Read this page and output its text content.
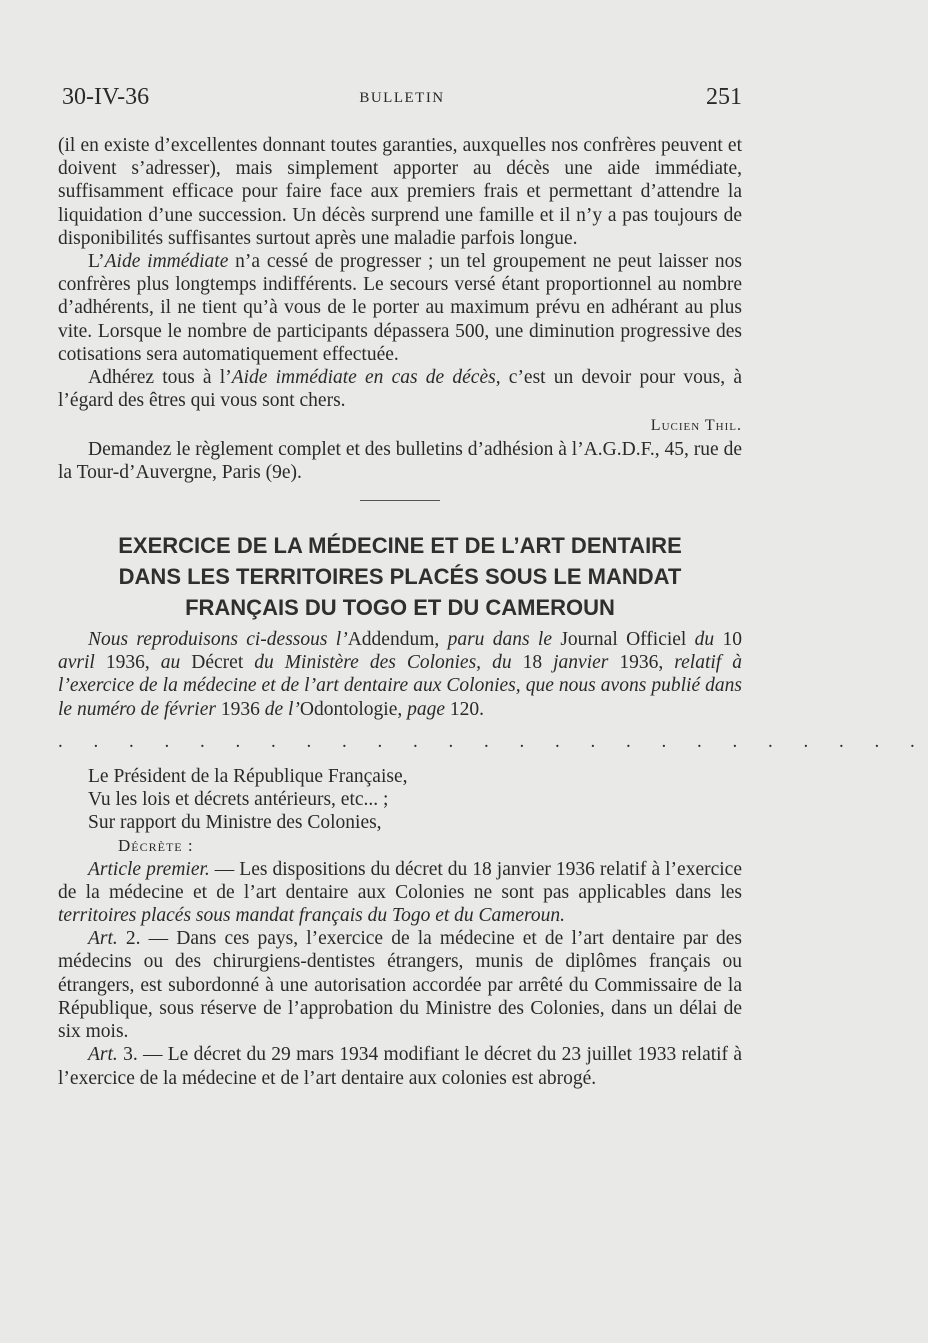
30-IV-36	BULLETIN	251

(il en existe d’excellentes donnant toutes garanties, auxquelles nos confrères peuvent et doivent s’adresser), mais simplement apporter au décès une aide immédiate, suffisamment efficace pour faire face aux premiers frais et permettant d’attendre la liquidation d’une succession. Un décès surprend une famille et il n’y a pas toujours de disponibilités suffisantes surtout après une maladie parfois longue.

L’Aide immédiate n’a cessé de progresser ; un tel groupement ne peut laisser nos confrères plus longtemps indifférents. Le secours versé étant proportionnel au nombre d’adhérents, il ne tient qu’à vous de le porter au maximum prévu en adhérant au plus vite. Lorsque le nombre de participants dépassera 500, une diminution progressive des cotisations sera automatiquement effectuée.

Adhérez tous à l’Aide immédiate en cas de décès, c’est un devoir pour vous, à l’égard des êtres qui vous sont chers.

Lucien Thil.

Demandez le règlement complet et des bulletins d’adhésion à l’A.G.D.F., 45, rue de la Tour-d’Auvergne, Paris (9e).

EXERCICE DE LA MÉDECINE ET DE L’ART DENTAIRE
DANS LES TERRITOIRES PLACÉS SOUS LE MANDAT
FRANÇAIS DU TOGO ET DU CAMEROUN

Nous reproduisons ci-dessous l’Addendum, paru dans le Journal Officiel du 10 avril 1936, au Décret du Ministère des Colonies, du 18 janvier 1936, relatif à l’exercice de la médecine et de l’art dentaire aux Colonies, que nous avons publié dans le numéro de février 1936 de l’Odontologie, page 120.

. . . . . . . . . . . . . . . . . . . . . . . . .

Le Président de la République Française,

Vu les lois et décrets antérieurs, etc... ;

Sur rapport du Ministre des Colonies,

Décrète :

Article premier. — Les dispositions du décret du 18 janvier 1936 relatif à l’exercice de la médecine et de l’art dentaire aux Colonies ne sont pas applicables dans les territoires placés sous mandat français du Togo et du Cameroun.

Art. 2. — Dans ces pays, l’exercice de la médecine et de l’art dentaire par des médecins ou des chirurgiens-dentistes étrangers, munis de diplômes français ou étrangers, est subordonné à une autorisation accordée par arrêté du Commissaire de la République, sous réserve de l’approbation du Ministre des Colonies, dans un délai de six mois.

Art. 3. — Le décret du 29 mars 1934 modifiant le décret du 23 juillet 1933 relatif à l’exercice de la médecine et de l’art dentaire aux colonies est abrogé.
